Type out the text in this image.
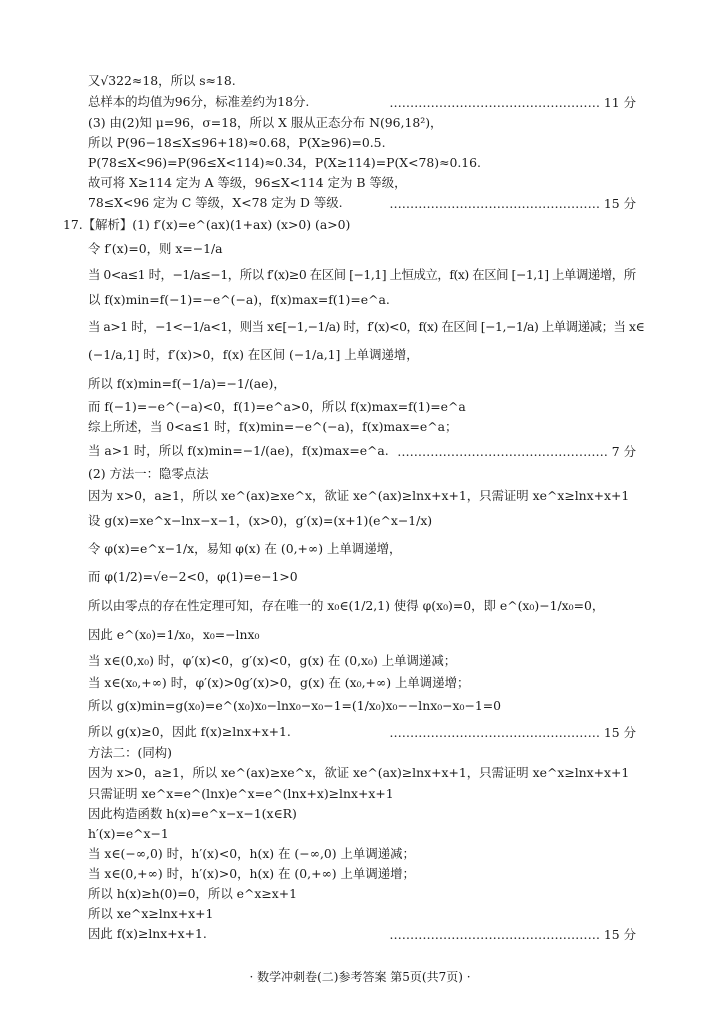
又√322≈18，所以 s≈18.
总样本的均值为96分，标准差约为18分.
(3) 由(2)知 μ=96，σ=18，所以 X 服从正态分布 N(96,18²)，
所以 P(96−18≤X≤96+18)≈0.68，P(X≥96)=0.5.
P(78≤X<96)=P(96≤X<114)≈0.34，P(X≥114)=P(X<78)≈0.16.
故可将 X≥114 定为 A 等级，96≤X<114 定为 B 等级，
78≤X<96 定为 C 等级，X<78 定为 D 等级.
17.【解析】(1) f′(x)=e^(ax)(1+ax) (x>0) (a>0)
令 f′(x)=0，则 x=−1/a
当 0<a≤1 时，−1/a≤−1，所以 f′(x)≥0 在区间 [−1,1] 上恒成立，f(x) 在区间 [−1,1] 上单调递增，所
以 f(x)min=f(−1)=−e^(−a)，f(x)max=f(1)=e^a.
当 a>1 时，−1<−1/a<1，则当 x∈[−1,−1/a) 时，f′(x)<0，f(x) 在区间 [−1,−1/a) 上单调递减；当 x∈
(−1/a,1] 时，f′(x)>0，f(x) 在区间 (−1/a,1] 上单调递增，
所以 f(x)min=f(−1/a)=−1/(ae)，
而 f(−1)=−e^(−a)<0，f(1)=e^a>0，所以 f(x)max=f(1)=e^a
综上所述，当 0<a≤1 时，f(x)min=−e^(−a)，f(x)max=e^a；
当 a>1 时，所以 f(x)min=−1/(ae)，f(x)max=e^a.
(2) 方法一：隐零点法
因为 x>0，a≥1，所以 xe^(ax)≥xe^x，欲证 xe^(ax)≥lnx+x+1，只需证明 xe^x≥lnx+x+1
设 g(x)=xe^x−lnx−x−1，(x>0)，g′(x)=(x+1)(e^x−1/x)
令 φ(x)=e^x−1/x，易知 φ(x) 在 (0,+∞) 上单调递增，
而 φ(1/2)=√e−2<0，φ(1)=e−1>0
所以由零点的存在性定理可知，存在唯一的 x₀∈(1/2,1) 使得 φ(x₀)=0，即 e^(x₀)−1/x₀=0，
因此 e^(x₀)=1/x₀，x₀=−lnx₀
当 x∈(0,x₀) 时，φ′(x)<0，g′(x)<0，g(x) 在 (0,x₀) 上单调递减；
当 x∈(x₀,+∞) 时，φ′(x)>0g′(x)>0，g(x) 在 (x₀,+∞) 上单调递增；
所以 g(x)min=g(x₀)=e^(x₀)x₀−lnx₀−x₀−1=(1/x₀)x₀−−lnx₀−x₀−1=0
所以 g(x)≥0，因此 f(x)≥lnx+x+1.
方法二：(同构)
因为 x>0，a≥1，所以 xe^(ax)≥xe^x，欲证 xe^(ax)≥lnx+x+1，只需证明 xe^x≥lnx+x+1
只需证明 xe^x=e^(lnx)e^x=e^(lnx+x)≥lnx+x+1
因此构造函数 h(x)=e^x−x−1(x∈R)
h′(x)=e^x−1
当 x∈(−∞,0) 时，h′(x)<0，h(x) 在 (−∞,0) 上单调递减；
当 x∈(0,+∞) 时，h′(x)>0，h(x) 在 (0,+∞) 上单调递增；
所以 h(x)≥h(0)=0，所以 e^x≥x+1
所以 xe^x≥lnx+x+1
因此 f(x)≥lnx+x+1.
…………………………………………… 11 分
…………………………………………… 15 分
…………………………………………… 7 分
…………………………………………… 15 分
…………………………………………… 15 分
· 数学冲刺卷(二)参考答案 第5页(共7页) ·
